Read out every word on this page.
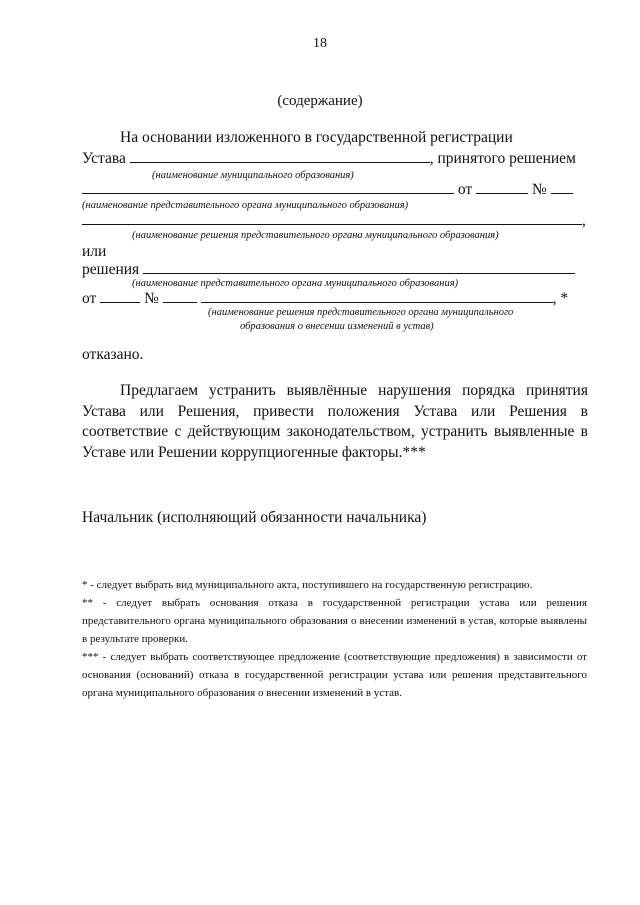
18
(содержание)
На основании изложенного в государственной регистрации
Устава	, принятого решением
(наименование муниципального образования)
от	№
(наименование представительного органа муниципального образования)
,
(наименование решения представительного органа муниципального образования)
или
решения
(наименование представительного органа муниципального образования)
от	№	, *
(наименование решения представительного органа муниципального
образования о внесении изменений в устав)
отказано.
Предлагаем устранить выявлённые нарушения порядка принятия Устава или Решения, привести положения Устава или Решения в соответствие с действующим законодательством, устранить выявленные в Уставе или Решении коррупциогенные факторы.***
Начальник (исполняющий обязанности начальника)
* - следует выбрать вид муниципального акта, поступившего на государственную регистрацию.
** - следует выбрать основания отказа в государственной регистрации устава или решения представительного органа муниципального образования о внесении изменений в устав, которые выявлены в результате проверки.
*** - следует выбрать соответствующее предложение (соответствующие предложения) в зависимости от основания (оснований) отказа в государственной регистрации устава или решения представительного органа муниципального образования о внесении изменений в устав.
